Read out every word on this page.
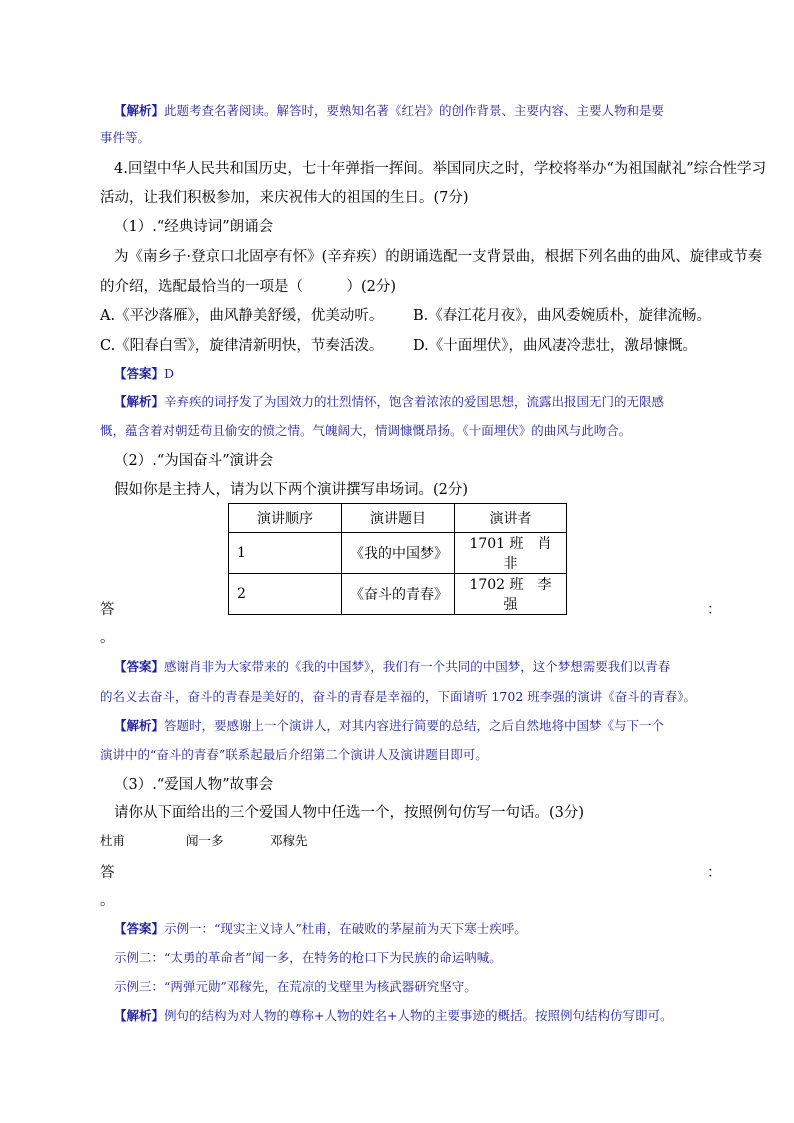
【解析】此题考查名著阅读。解答时，要熟知名著《红岩》的创作背景、主要内容、主要人物和是要
事件等。
4.回望中华人民共和国历史，七十年弹指一挥间。举国同庆之时，学校将举办“为祖国献礼”综合性学习
活动，让我们积极参加，来庆祝伟大的祖国的生日。(7分)
（1）.“经典诗词”朗诵会
为《南乡子·登京口北固亭有怀》(辛弃疾）的朗诵选配一支背景曲，根据下列名曲的曲风、旋律或节奏
的介绍，选配最恰当的一项是（　　　）(2分)
A.《平沙落雁》，曲风静美舒缓，优美动听。 B.《春江花月夜》，曲风委婉质朴，旋律流畅。
C.《阳春白雪》，旋律清新明快，节奏活泼。 D.《十面埋伏》，曲风凄冷悲壮，激昂慷慨。
【答案】D
【解析】辛弃疾的词抒发了为国效力的壮烈情怀，饱含着浓浓的爱国思想，流露出报国无门的无限感
慨，蕴含着对朝廷苟且偷安的愤之情。气魄阔大，情调慷慨昂扬。《十面埋伏》的曲风与此吻合。
（2）.“为国奋斗”演讲会
假如你是主持人，请为以下两个演讲撰写串场词。(2分)
演讲顺序	演讲题目	演讲者
1	《我的中国梦》	1701 班　肖非
2	《奋斗的青春》	1702 班　李强
答	：
。
【答案】感谢肖非为大家带来的《我的中国梦》，我们有一个共同的中国梦，这个梦想需要我们以青春
的名义去奋斗，奋斗的青春是美好的，奋斗的青春是幸福的，下面请听 1702 班李强的演讲《奋斗的青春》。
【解析】答题时，要感谢上一个演讲人，对其内容进行简要的总结，之后自然地将中国梦《与下一个
演讲中的“奋斗的青春”联系起最后介绍第二个演讲人及演讲题目即可。
（3）.“爱国人物”故事会
请你从下面给出的三个爱国人物中任选一个，按照例句仿写一句话。(3分)
杜甫	闻一多	邓稼先
答	：
。
【答案】示例一：“现实主义诗人”杜甫，在破败的茅屋前为天下寒士疾呼。
示例二：“太勇的革命者”闻一多，在特务的枪口下为民族的命运呐喊。
示例三：“两弹元勋”邓稼先，在荒凉的戈壁里为核武器研究坚守。
【解析】例句的结构为对人物的尊称+人物的姓名+人物的主要事迹的概括。按照例句结构仿写即可。
